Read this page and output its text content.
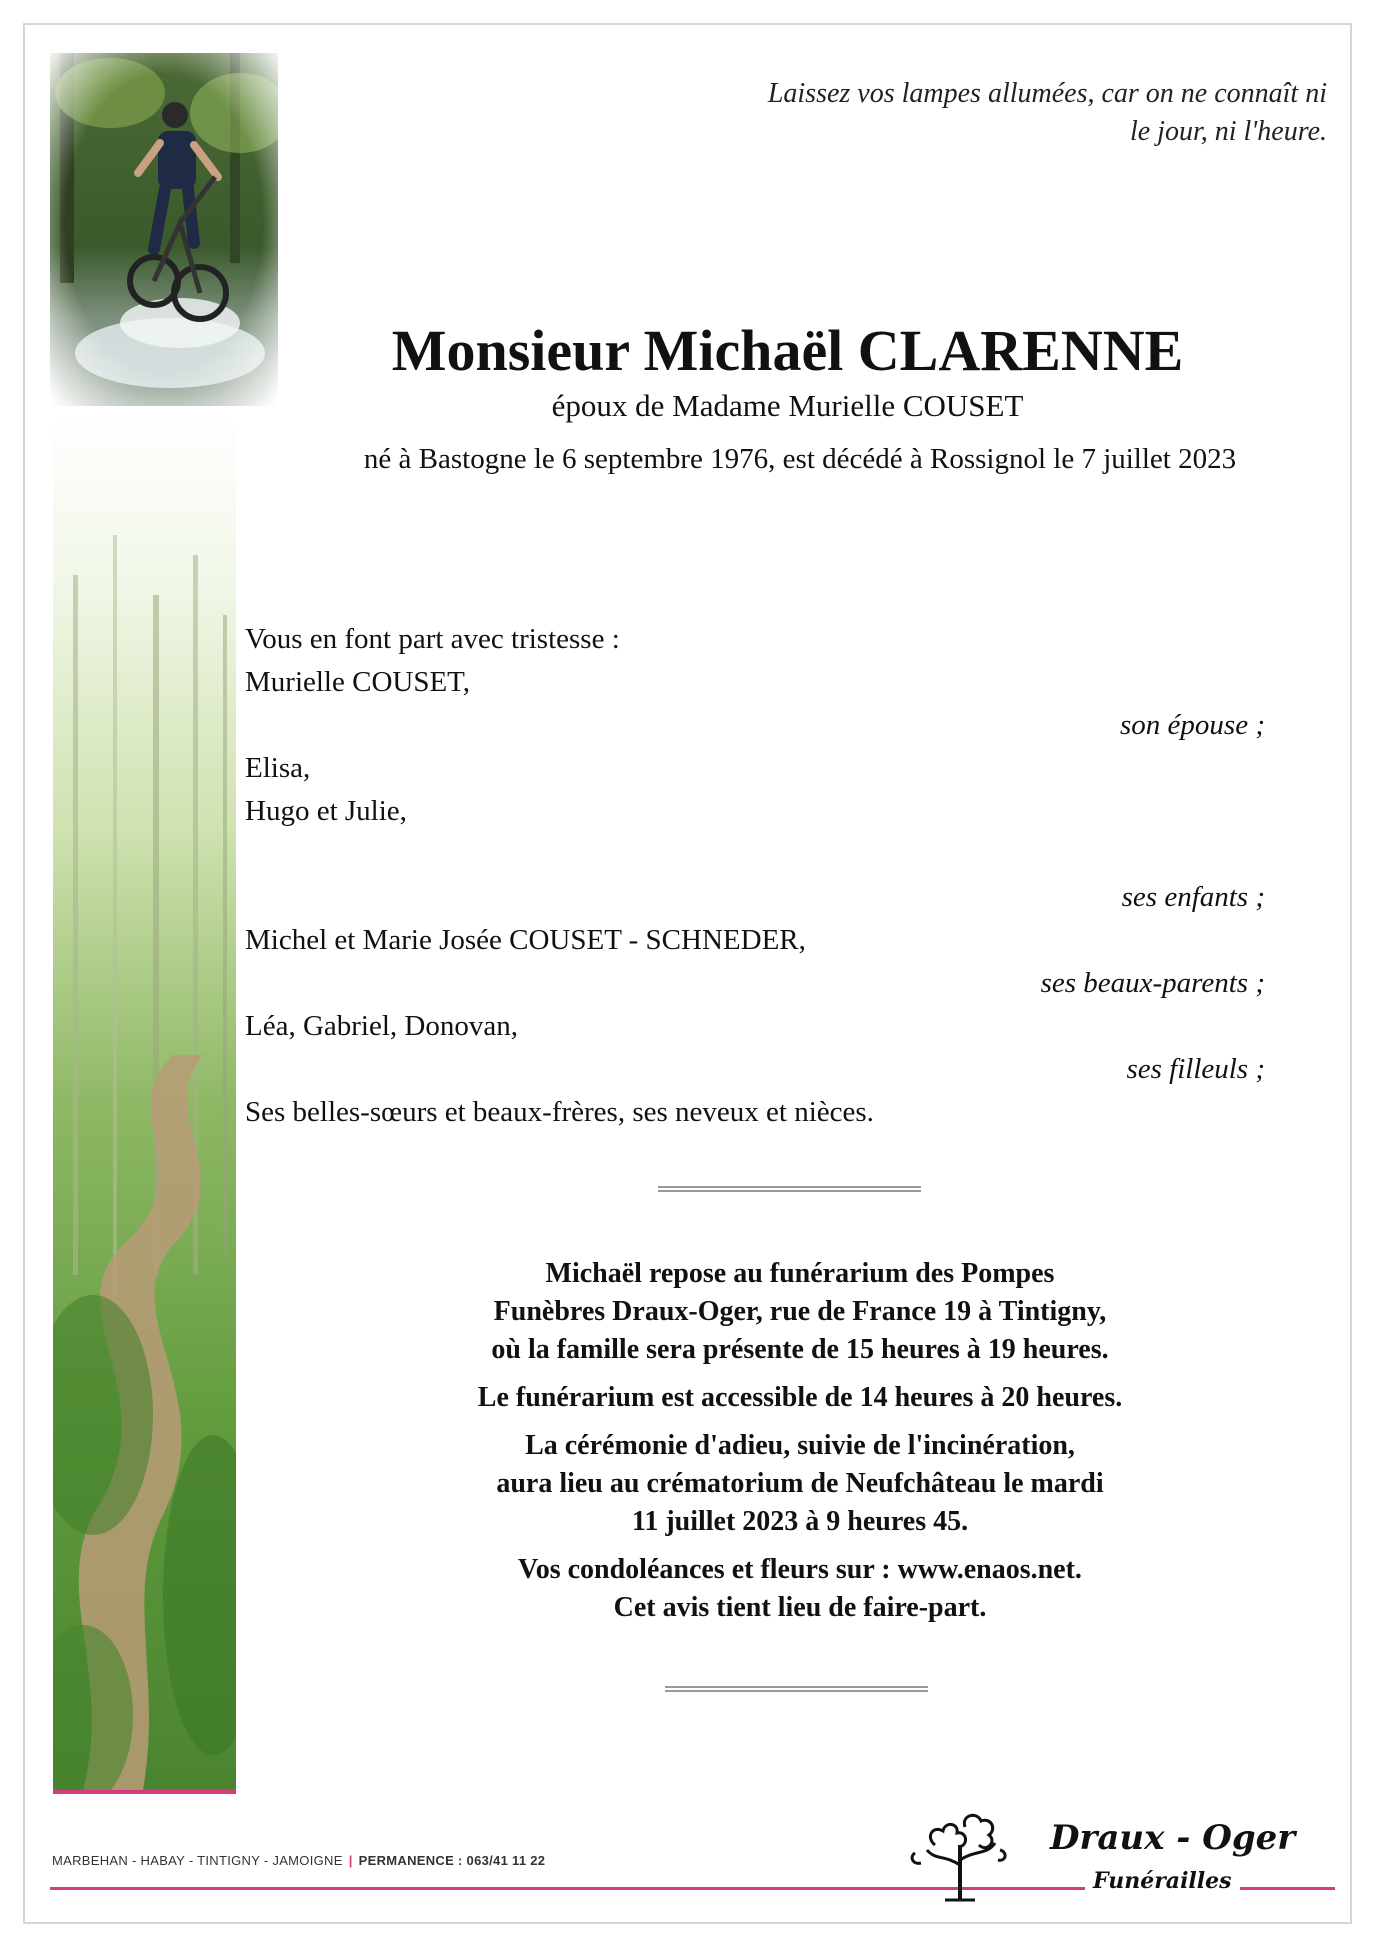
Laissez vos lampes allumées, car on ne connaît ni
le jour, ni l'heure.
Monsieur Michaël CLARENNE
époux de Madame Murielle COUSET
né à Bastogne le 6 septembre 1976, est décédé à Rossignol le 7 juillet 2023
Vous en font part avec tristesse :
Murielle COUSET,
son épouse ;
Elisa,
Hugo et Julie,
ses enfants ;
Michel et Marie Josée COUSET - SCHNEDER,
ses beaux-parents ;
Léa, Gabriel, Donovan,
ses filleuls ;
Ses belles-sœurs et beaux-frères, ses neveux et nièces.

Michaël repose au funérarium des Pompes
Funèbres Draux-Oger, rue de France 19 à Tintigny,
où la famille sera présente de 15 heures à 19 heures.

Le funérarium est accessible de 14 heures à 20 heures.

La cérémonie d'adieu, suivie de l'incinération,
aura lieu au crématorium de Neufchâteau le mardi
11 juillet 2023 à 9 heures 45.

Vos condoléances et fleurs sur : www.enaos.net.
Cet avis tient lieu de faire-part.

MARBEHAN - HABAY - TINTIGNY - JAMOIGNE | PERMANENCE : 063/41 11 22
Draux - Oger
Funérailles
